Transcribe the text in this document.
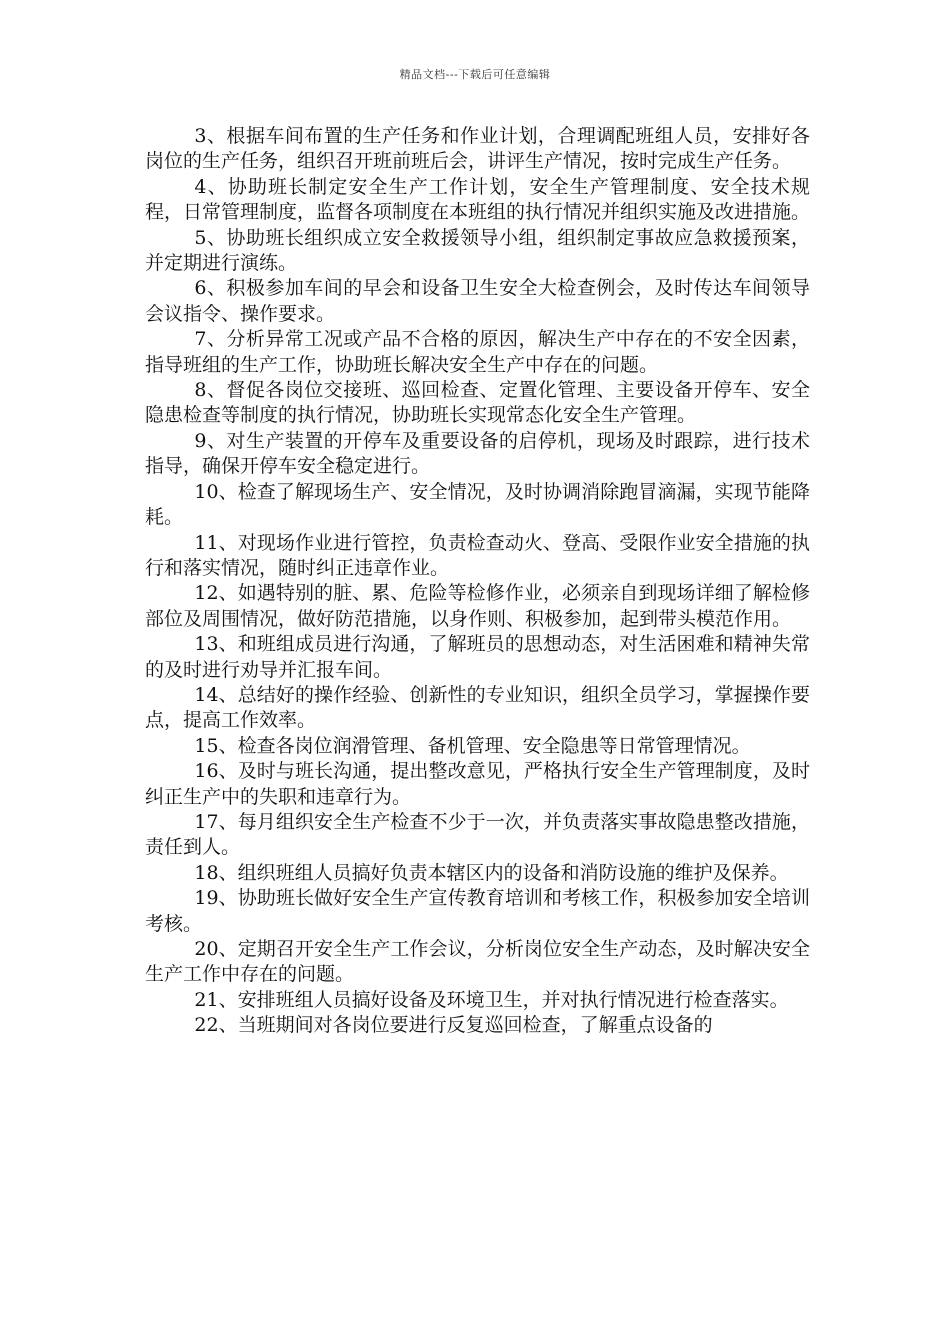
精品文档---下载后可任意编辑

3、根据车间布置的生产任务和作业计划，合理调配班组人员，安排好各岗位的生产任务，组织召开班前班后会，讲评生产情况，按时完成生产任务。

4、协助班长制定安全生产工作计划，安全生产管理制度、安全技术规程，日常管理制度，监督各项制度在本班组的执行情况并组织实施及改进措施。

5、协助班长组织成立安全救援领导小组，组织制定事故应急救援预案，并定期进行演练。

6、积极参加车间的早会和设备卫生安全大检查例会，及时传达车间领导会议指令、操作要求。

7、分析异常工况或产品不合格的原因，解决生产中存在的不安全因素，指导班组的生产工作，协助班长解决安全生产中存在的问题。

8、督促各岗位交接班、巡回检查、定置化管理、主要设备开停车、安全隐患检查等制度的执行情况，协助班长实现常态化安全生产管理。

9、对生产装置的开停车及重要设备的启停机，现场及时跟踪，进行技术指导，确保开停车安全稳定进行。

10、检查了解现场生产、安全情况，及时协调消除跑冒滴漏，实现节能降耗。

11、对现场作业进行管控，负责检查动火、登高、受限作业安全措施的执行和落实情况，随时纠正违章作业。

12、如遇特别的脏、累、危险等检修作业，必须亲自到现场详细了解检修部位及周围情况，做好防范措施，以身作则、积极参加，起到带头模范作用。

13、和班组成员进行沟通，了解班员的思想动态，对生活困难和精神失常的及时进行劝导并汇报车间。

14、总结好的操作经验、创新性的专业知识，组织全员学习，掌握操作要点，提高工作效率。

15、检查各岗位润滑管理、备机管理、安全隐患等日常管理情况。

16、及时与班长沟通，提出整改意见，严格执行安全生产管理制度，及时纠正生产中的失职和违章行为。

17、每月组织安全生产检查不少于一次，并负责落实事故隐患整改措施，责任到人。

18、组织班组人员搞好负责本辖区内的设备和消防设施的维护及保养。

19、协助班长做好安全生产宣传教育培训和考核工作，积极参加安全培训考核。

20、定期召开安全生产工作会议，分析岗位安全生产动态，及时解决安全生产工作中存在的问题。

21、安排班组人员搞好设备及环境卫生，并对执行情况进行检查落实。

22、当班期间对各岗位要进行反复巡回检查，了解重点设备的
